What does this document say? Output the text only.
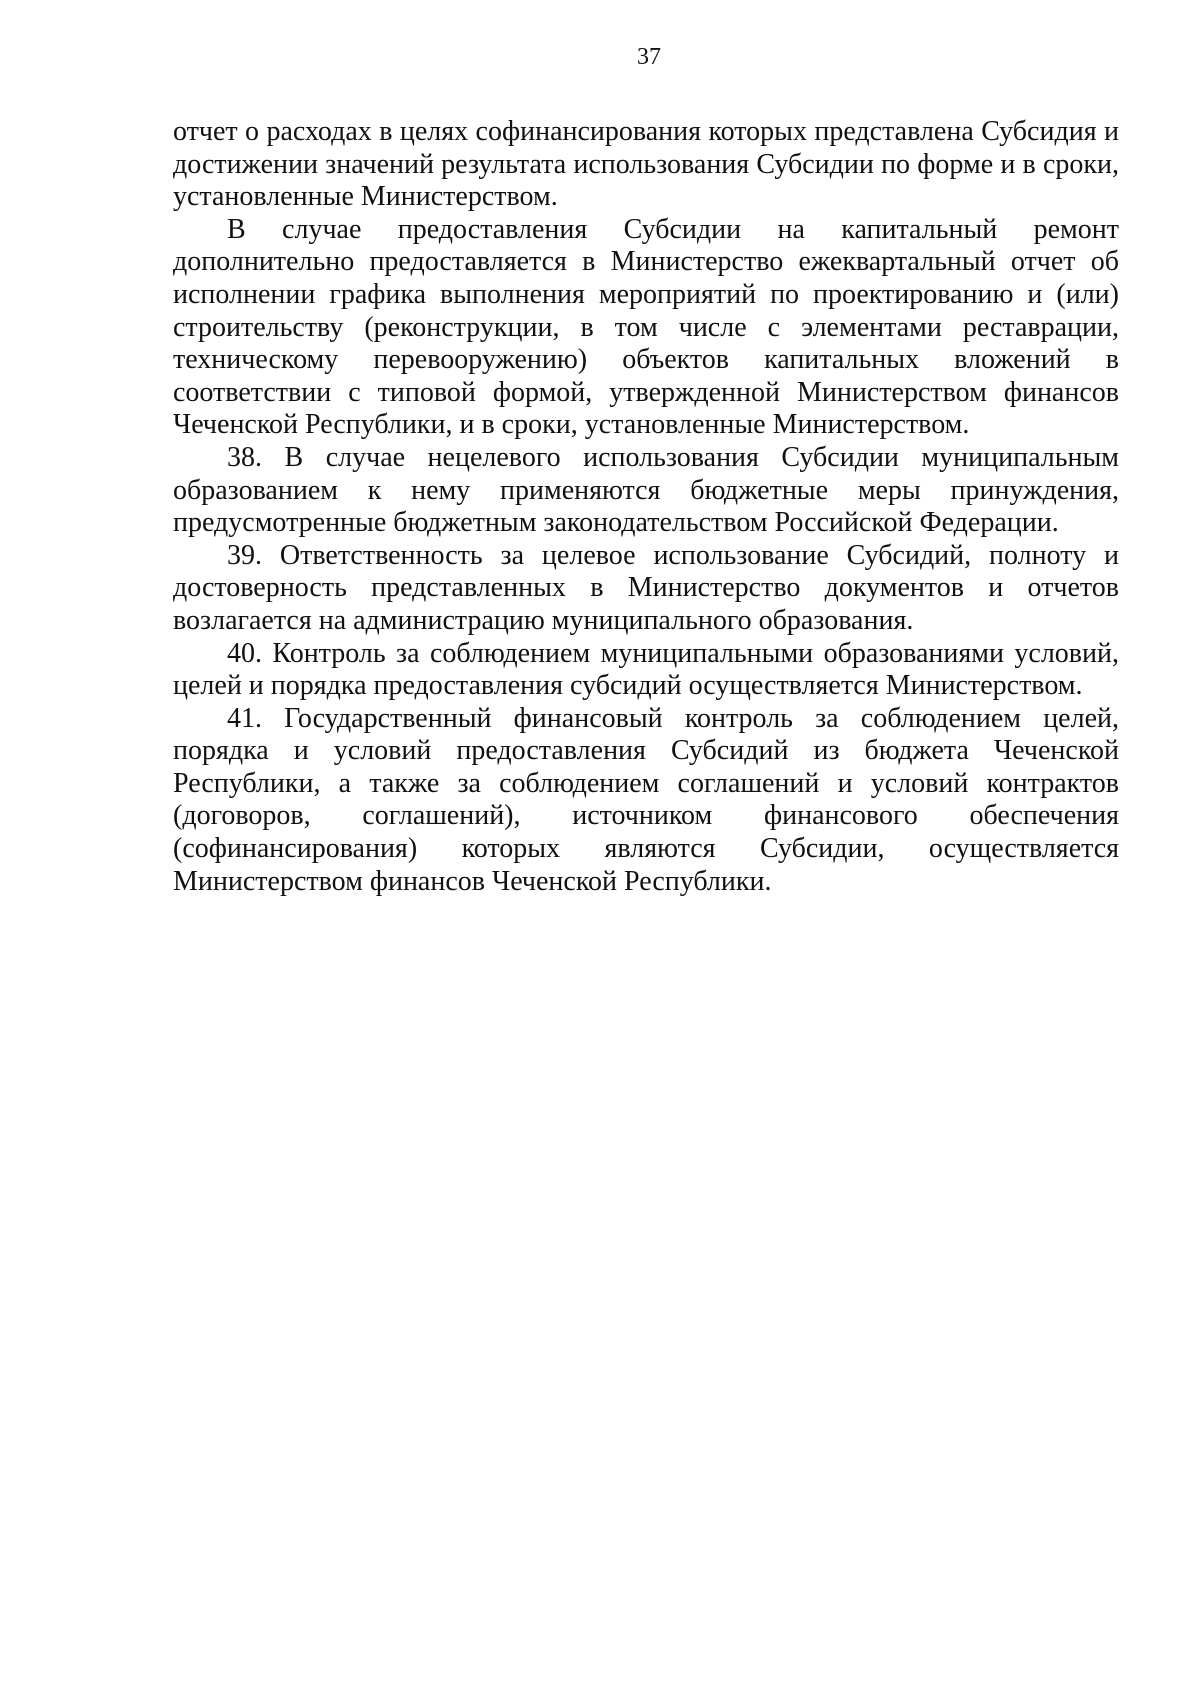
37

отчет о расходах в целях софинансирования которых представлена Субсидия и достижении значений результата использования Субсидии по форме и в сроки, установленные Министерством.

В случае предоставления Субсидии на капитальный ремонт дополнительно предоставляется в Министерство ежеквартальный отчет об исполнении графика выполнения мероприятий по проектированию и (или) строительству (реконструкции, в том числе с элементами реставрации, техническому перевооружению) объектов капитальных вложений в соответствии с типовой формой, утвержденной Министерством финансов Чеченской Республики, и в сроки, установленные Министерством.

38. В случае нецелевого использования Субсидии муниципальным образованием к нему применяются бюджетные меры принуждения, предусмотренные бюджетным законодательством Российской Федерации.

39. Ответственность за целевое использование Субсидий, полноту и достоверность представленных в Министерство документов и отчетов возлагается на администрацию муниципального образования.

40. Контроль за соблюдением муниципальными образованиями условий, целей и порядка предоставления субсидий осуществляется Министерством.

41. Государственный финансовый контроль за соблюдением целей, порядка и условий предоставления Субсидий из бюджета Чеченской Республики, а также за соблюдением соглашений и условий контрактов (договоров, соглашений), источником финансового обеспечения (софинансирования) которых являются Субсидии, осуществляется Министерством финансов Чеченской Республики.
